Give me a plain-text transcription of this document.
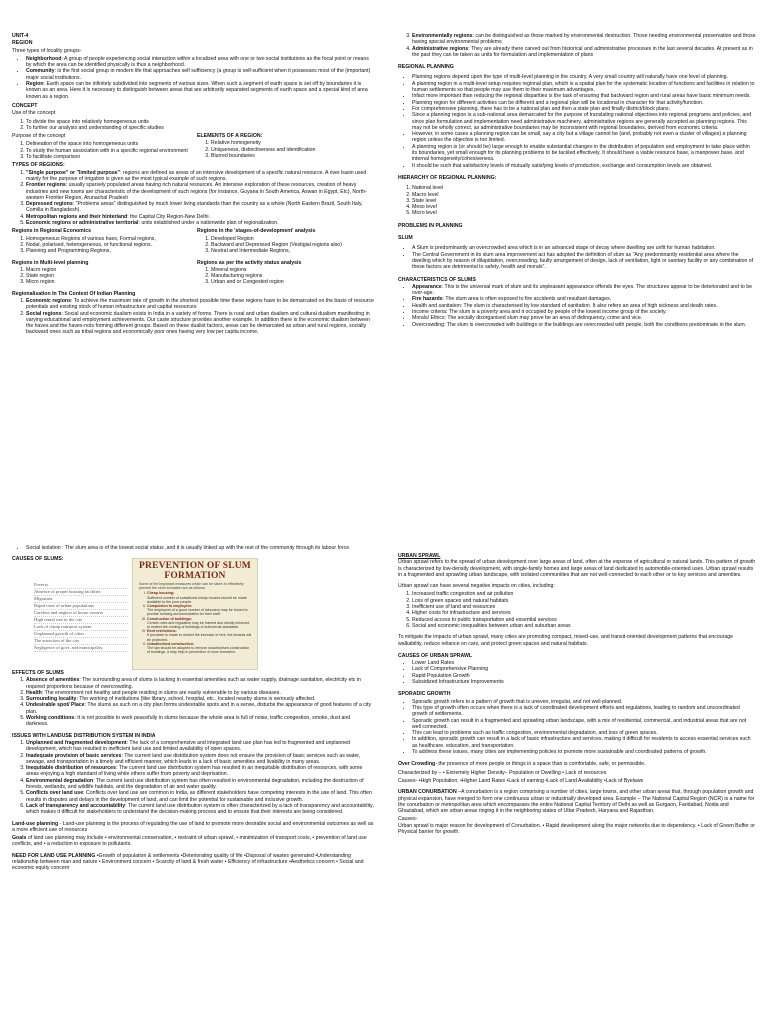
UNIT-4
REGION

Three types of locality groups-

• Neighborhood: A group of people experiencing social interaction within a localized area with one or two social institutions as the focal point or means by which the area can be identified physically is thus a neighborhood.
• Community: is the first social group in modern life that approaches self sufficiency (a group is self-sufficient when it possesses most of the (important) major social institutions.
• Region: Earth space can be infinitely subdivided into segments of various sizes. When such a segment of earth space is set off by boundaries it is known as an area. Here it is necessary to distinguish between areas that are arbitrarily separated segments of earth space and a special kind of area known as a region.
CONCEPT

Use of the concept

1. To divide the space into relatively homogeneous units
2. To further our analysis and understanding of specific studies

Purpose of the concept

1. Delineation of the space into homogeneous units
2. To study the human association with in a specific regional environment
3. To facilitate comparison
ELEMENTS OF A REGION:
1. Relative homogeneity
2. Uniqueness, distinctiveness and identification
3. Blurred boundaries
TYPES OF REGIONS:
1. "Single purpose" or "limited purpose": regions are defined as areas of an intensive development of a specific natural resource. A river basin used mainly for the purpose of irrigation is given as the most typical example of such regions.
2. Frontier regions: usually sparsely populated areas having rich natural resources. An intensive exploration of these resources, creation of heavy industries and new towns are characteristic of the development of such regions (for instance, Guyana in South America, Aswan in Egypt, Etc), North-western Frontier Region, Arunachal Pradesh
3. Depressed regions: "Problems areas" distinguished by much lower living standards than the country as a whole (North Eastern Brazil, South Italy, Comilla in Bangladesh).
4. Metropolitan regions and their hinterland: the Capital City Region-New Delhi.
5. Economic regions or administrative territorial: units established under a nationwide plan of regionalization.
Regions in Regional Economics
1. Homogeneous Regions of various hues, Formal regions,
2. Nodal, polarised, heterogeneous, or functional regions.
3. Planning and Programming Regions,
Regions in the 'stages-of-development' analysis
1. Developed Region
2. Backward and Depressed Region (Vestigial regions also)
3. Neutral and Intermediate Regions,
Regions in Multi-level planning
1. Macro region
2. State region
3. Micro region
Regions as per the activity status analysis
1. Mineral regions
2. Manufacturing regions
3. Urban and or Congested region
Regionalisation In The Context Of Indian Planning
1. Economic regions: To achieve the maximum rate of growth in the shortest possible time these regions have to be demarcated on the basis of resource potentials and existing stock of human infrastructure and capital resources
2. Social regions: Social and economic dualism exists in India in a variety of forms. There is rural and urban dualism and cultural dualism manifesting in varying educational and employment achievements. Our caste structure provides another example. In addition there is the economic dualism between the haves and the haves-nots forming different groups. Based on these dualist factors, areas can be demarcated as urban and rural regions, socially backward ones such as tribal regions and economically poor ones having very low per capita income.
3. Environmentally regions: can be distinguished as those marked by environmental destruction. Those needing environmental preservation and those having special environmental problems
4. Administrative regions: They are already there carved out from historical and administrative processes in the last several decades. At present as in the past they can be taken as units for formulation and implementation of plans
REGIONAL PLANNING
• Planning regions depend upon the type of multi-level planning in the country. A very small country will naturally have one level of planning.
• A planning region in a multi-level setup requires regional plan, which is a spatial plan for the systematic location of functions and facilities in relation to human settlements so that people may use them to their maximum advantages.
• Infact more important than reducing the regional disparities is the task of ensuring that backward region and rural areas have basic minimum needs.
• Planning region for different activities can be different and a regional plan will be locational in character for that activity/function.
• For comprehensive planning, there has to be a national plan and then a state plan and finally district/block plans.
• Since a planning region is a sub-national area demarcated for the purpose of translating national objectives into regional programs and policies, and since plan formulation and implementation need administrative machinery, administrative regions are generally accepted as planning regions. This may not be wholly correct, as administrative boundaries may be inconsistent with regional boundaries, derived from economic criteria.
• However, in some cases a planning region can be small, say a city but a village cannot be (and, probably not even a cluster of villages) a planning region unless the objective is too limited.
• A planning region is (or should be) large enough to enable substantial changes in the distribution of population and employment to take place within its boundaries, yet small enough for its planning problems to be tackled effectively. It should have a viable resource base, a manpower base, and internal homogeneity/cohesiveness.
• It should be such that satisfactory levels of mutually satisfying levels of production, exchange and consumption levels are obtained.
HIERARCHY OF REGIONAL PLANNING:
1. National level
2. Macro level
3. State level
4. Meso level
5. Micro level
PROBLEMS IN PLANNING
SLUM
• A Slum is predominantly an overcrowded area which is in an advanced stage of decay where dwelling are unfit for human habitation.
• The Central Government in its slum area improvement act has adopted the definition of slum as "Any predominantly residential area where the dwelling which by reason of dilapidation, overcrowding, faulty arrangement of design, lack of ventilation, light or sanitary facility or any combination of these factors are detrimental to safety, health and morals".
CHARACTERISTICS OF SLUMS
• Appearance: This is the universal mark of slum and its unpleasant appearance offends the eyes. The structures appear to be deteriorated and to be over-age.
• Fire hazards: The slum area is often exposed to fire accidents and resultant damages.
• Health and sanitation: The slum is characterised by low standard of sanitation. It also refers an area of high sickness and death rates.
• Income criteria: The slum is a poverty area and it occupied by people of the lowest income group of the society.
• Morals/ Ethics: The socially disorganised slum may prove be an area of delinquency, crime and vice.
• Overcrowding: The slum is overcrowded with buildings or the buildings are overcrowded with people, both the conditions predominate in the slum.
• Social isolation : The slum area is of the lowest social status ,and it is usually linked up with the rest of the community through its labour force.
CAUSES OF SLUMS:
Poverty
Absence of proper housing facilities
Migration
Rapid raise of urban populations
Careless and neglect of house owners
High rental rate in the city
Lack of cheap transport system
Unplanned growth of cities
The attraction of the city
Negligence of govt. and municipality.
PREVENTION OF SLUM FORMATION
Some of the important measures which can be taken to effectively prevent the slum formation are as follows:
I. Cheap housing:
Sufficient number of subsidized cheap houses should be made available to the poor people.
II. Compulsion to employers:
The employers of a good number of labourers may be forced to provide housing accommodation for their staff.
III. Construction of buildings:
Certain rules and regulation may be framed and strictly enforced to restrict the coming of buildings of subnormal standards.
IV. Rent restrictions:
If provision is made to restrict the increase of rent, the tenants will be protected.
V. Unauthorised construction:
The law should be adopted to remove unauthorised construction of buildings, it may help in prevention of slum formation.
EFFECTS OF SLUMS
1. Absence of amenities: The surrounding area of slums is lacking in essential amenities such as water supply, drainage sanitation, electricity etc in required proportions because of overcrowding.
2. Health: The environment not healthy and people residing in slums are easily vulnerable to by various diseases.
3. Surrounding locality: The working of institutions (like library, school, hospital, etc., located nearby slums is seriously affected.
4. Undesirable spot/ Place: The slums as such on a city plan forms undesirable spots and in a sense, disturbs the appearance of good features of a city plan.
5. Working conditions: It is not possible to work peacefully in slums because the whole area is full of noise, traffic congestion, smoke, dust and darkness.
ISSUES WITH LANDUSE DISTRIBUTION SYSTEM IN INDIA
1. Unplanned and fragmented development: The lack of a comprehensive and integrated land use plan has led to fragmented and unplanned development, which has resulted in inefficient land use and limited availability of open spaces.
2. Inadequate provision of basic services: The current land use distribution system does not ensure the provision of basic services such as water, sewage, and transportation in a timely and efficient manner, which leads to a lack of basic amenities and livability in many areas.
3. Inequitable distribution of resources: The current land use distribution system has resulted in an inequitable distribution of resources, with some areas enjoying a high standard of living while others suffer from poverty and deprivation.
4. Environmental degradation: The current land use distribution system has often resulted in environmental degradation, including the destruction of forests, wetlands, and wildlife habitats, and the degradation of air and water quality.
5. Conflicts over land use: Conflicts over land use are common in India, as different stakeholders have competing interests in the use of land. This often results in disputes and delays in the development of land, and can limit the potential for sustainable and inclusive growth.
6. Lack of transparency and accountability: The current land use distribution system is often characterized by a lack of transparency and accountability, which makes it difficult for stakeholders to understand the decision-making process and to ensure that their interests are being considered.

Land-use planning - Land-use planning is the process of regulating the use of land to promote more desirable social and environmental outcomes as well as a more efficient use of resources

Goals of land use planning may include • environmental conservation, • restraint of urban sprawl, • minimization of transport costs, • prevention of land use conflicts, and • a reduction in exposure to pollutants.

NEED FOR LAND USE PLANNING •Growth of population & settlements •Deteriorating quality of life •Disposal of wastes generated •Understanding relationship between man and nature • Environment concern • Scarcity of land & fresh water • Efficiency of infrastructure •Aesthetics concern • Social and economic equity concern

URBAN SPRAWL

Urban sprawl refers to the spread of urban development over large areas of land, often at the expense of agricultural or natural lands. This pattern of growth is characterized by low-density development, with single-family homes and large areas of land dedicated to automobile-oriented uses. Urban sprawl results in a fragmented and sprawling urban landscape, with isolated communities that are not well-connected to each other or to key services and amenities.

Urban sprawl can have several negative impacts on cities, including:

1. Increased traffic congestion and air pollution
2. Loss of green spaces and natural habitats
3. Inefficient use of land and resources
4. Higher costs for infrastructure and services
5. Reduced access to public transportation and essential services
6. Social and economic inequalities between urban and suburban areas

To mitigate the impacts of urban sprawl, many cities are promoting compact, mixed-use, and transit-oriented development patterns that encourage walkability, reduce reliance on cars, and protect green spaces and natural habitats.

CAUSES OF URBAN SPRAWL
• Lower Land Rates
• Lack of Comprehensive Planning
• Rapid Population Growth
• Subsidized Infrastructure Improvements
SPORADIC GROWTH
• Sporadic growth refers to a pattern of growth that is uneven, irregular, and not well-planned.
• This type of growth often occurs when there is a lack of coordinated development efforts and regulations, leading to random and uncoordinated growth of settlements.
• Sporadic growth can result in a fragmented and sprawling urban landscape, with a mix of residential, commercial, and industrial areas that are not well connected.
• This can lead to problems such as traffic congestion, environmental degradation, and loss of green spaces.
• In addition, sporadic growth can result in a lack of basic infrastructure and services, making it difficult for residents to access essential services such as healthcare, education, and transportation.
• To address these issues, many cities are implementing policies to promote more sustainable and coordinated patterns of growth.

Over Crowding- the presence of more people or things in a space than is comfortable, safe, or permissible.

Characterized by – • Extremely Higher Density– Population or Dwelling • Lack of resources

Causes- •High Population; •Higher Land Rates •Lack of earning •Lack of Land Availability •Lack of Byelaws

URBAN CONURBATION –A conurbation is a region comprising a number of cities, large towns, and other urban areas that, through population growth and physical expansion, have merged to form one continuous urban or industrially developed area. Example – The National Capital Region (NCR) is a name for the conurbation or metropolitan area which encompasses the entire National Capital Territory of Delhi as well as Gurgaon, Faridabad, Noida and Ghaziabad, which are urban areas ringing it in the neighboring states of Uttar Pradesh, Haryana and Rajasthan.

Causes-

Urban sprawl is major reason for development of Conurbation. • Rapid development along the major networks due to dependency. • Lack of Green Buffer or Physical barrier for growth.
